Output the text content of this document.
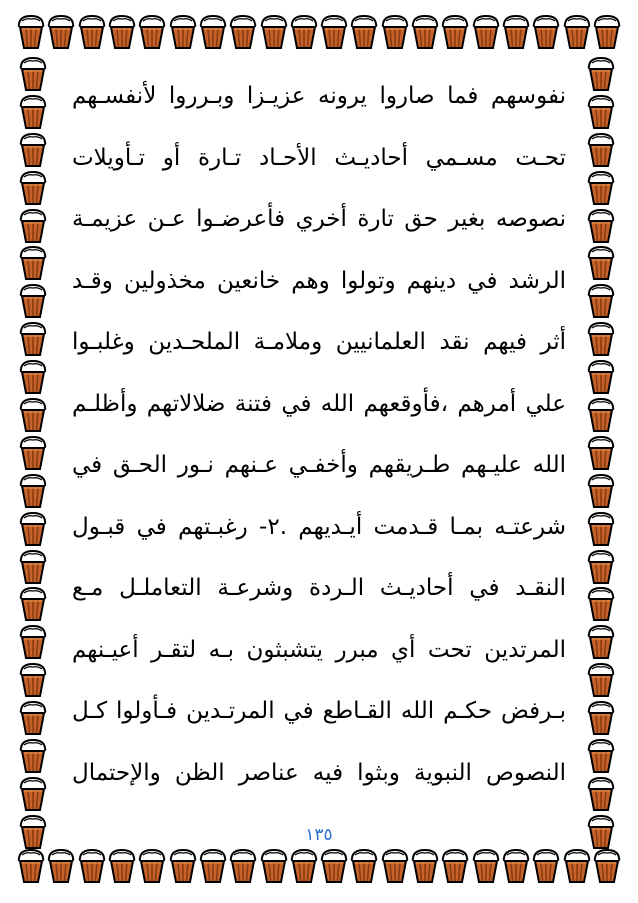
نفوسهم فما صاروا يرونه عزيـزا وبـرروا لأنفسـهم
تحـت مسـمي أحاديـث الأحـاد تـارة أو تـأويلات
نصوصه بغير حق تارة أخري فأعرضـوا عـن عزيمـة
الرشد في دينهم وتولوا وهم خانعين مخذولين وقـد
أثر فيهم نقد العلمانيين وملامـة الملحـدين وغلبـوا
علي أمرهم ،فأوقعهم الله في فتنة ضلالاتهم وأظلـم
الله عليـهم طـريقهم وأخفـي عـنهم نـور الحـق في
شرعتـه بمـا قـدمت أيـديهم .٢- رغبـتهم في قبـول
النقـد في أحاديـث الـردة وشرعـة التعاملـل مـع
المرتدين تحت أي مبرر يتشبثون بـه لتقـر أعيـنهم
بـرفض حكـم الله القـاطع في المرتـدين فـأولوا كـل
النصوص النبوية وبثوا فيه عناصر الظن والإحتمال
١٣٥
